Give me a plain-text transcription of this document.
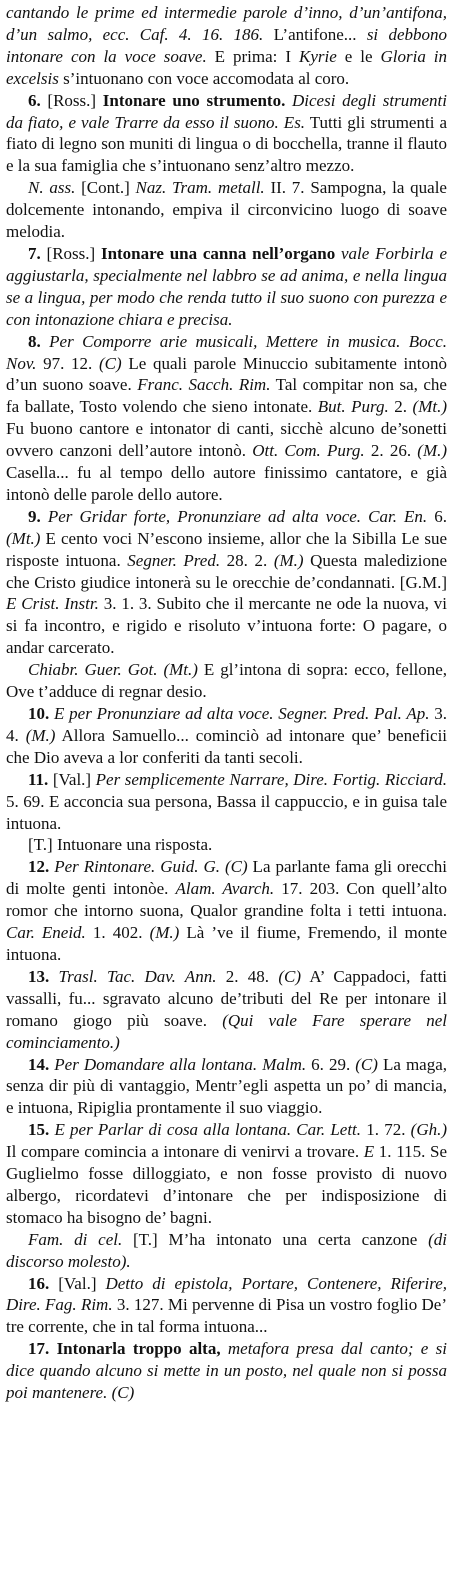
cantando le prime ed intermedie parole d’inno, d’un’antifona, d’un salmo, ecc. Caf. 4. 16. 186. L’antifone... si debbono intonare con la voce soave. E prima: I Kyrie e le Gloria in excelsis s’intuonano con voce accomodata al coro.

6. [Ross.] Intonare uno strumento. Dicesi degli strumenti da fiato, e vale Trarre da esso il suono. Es. Tutti gli strumenti a fiato di legno son muniti di lingua o di bocchella, tranne il flauto e la sua famiglia che s’intuonano senz’altro mezzo.

N. ass. [Cont.] Naz. Tram. metall. II. 7. Sampogna, la quale dolcemente intonando, empiva il circonvicino luogo di soave melodia.

7. [Ross.] Intonare una canna nell’organo vale Forbirla e aggiustarla, specialmente nel labbro se ad anima, e nella lingua se a lingua, per modo che renda tutto il suo suono con purezza e con intonazione chiara e precisa.

8. Per Comporre arie musicali, Mettere in musica. Bocc. Nov. 97. 12. (C) Le quali parole Minuccio subitamente intonò d’un suono soave. Franc. Sacch. Rim. Tal compitar non sa, che fa ballate, Tosto volendo che sieno intonate. But. Purg. 2. (Mt.) Fu buono cantore e intonator di canti, sicchè alcuno de’sonetti ovvero canzoni dell’autore intonò. Ott. Com. Purg. 2. 26. (M.) Casella... fu al tempo dello autore finissimo cantatore, e già intonò delle parole dello autore.

9. Per Gridar forte, Pronunziare ad alta voce. Car. En. 6. (Mt.) E cento voci N’escono insieme, allor che la Sibilla Le sue risposte intuona. Segner. Pred. 28. 2. (M.) Questa maledizione che Cristo giudice intonerà su le orecchie de’condannati. [G.M.] E Crist. Instr. 3. 1. 3. Subito che il mercante ne ode la nuova, vi si fa incontro, e rigido e risoluto v’intuona forte: O pagare, o andar carcerato.

Chiabr. Guer. Got. (Mt.) E gl’intona di sopra: ecco, fellone, Ove t’adduce di regnar desio.

10. E per Pronunziare ad alta voce. Segner. Pred. Pal. Ap. 3. 4. (M.) Allora Samuello... cominciò ad intonare que’ beneficii che Dio aveva a lor conferiti da tanti secoli.

11. [Val.] Per semplicemente Narrare, Dire. Fortig. Ricciard. 5. 69. E acconcia sua persona, Bassa il cappuccio, e in guisa tale intuona.

[T.] Intuonare una risposta.

12. Per Rintonare. Guid. G. (C) La parlante fama gli orecchi di molte genti intonòe. Alam. Avarch. 17. 203. Con quell’alto romor che intorno suona, Qualor grandine folta i tetti intuona. Car. Eneid. 1. 402. (M.) Là ’ve il fiume, Fremendo, il monte intuona.

13. Trasl. Tac. Dav. Ann. 2. 48. (C) A’ Cappadoci, fatti vassalli, fu... sgravato alcuno de’tributi del Re per intonare il romano giogo più soave. (Qui vale Fare sperare nel cominciamento.)

14. Per Domandare alla lontana. Malm. 6. 29. (C) La maga, senza dir più di vantaggio, Mentr’egli aspetta un po’ di mancia, e intuona, Ripiglia prontamente il suo viaggio.

15. E per Parlar di cosa alla lontana. Car. Lett. 1. 72. (Gh.) Il compare comincia a intonare di venirvi a trovare. E 1. 115. Se Guglielmo fosse dilloggiato, e non fosse provisto di nuovo albergo, ricordatevi d’intonare che per indisposizione di stomaco ha bisogno de’ bagni.

Fam. di cel. [T.] M’ha intonato una certa canzone (di discorso molesto).

16. [Val.] Detto di epistola, Portare, Contenere, Riferire, Dire. Fag. Rim. 3. 127. Mi pervenne di Pisa un vostro foglio De’ tre corrente, che in tal forma intuona...

17. Intonarla troppo alta, metafora presa dal canto; e si dice quando alcuno si mette in un posto, nel quale non si possa poi mantenere. (C)
